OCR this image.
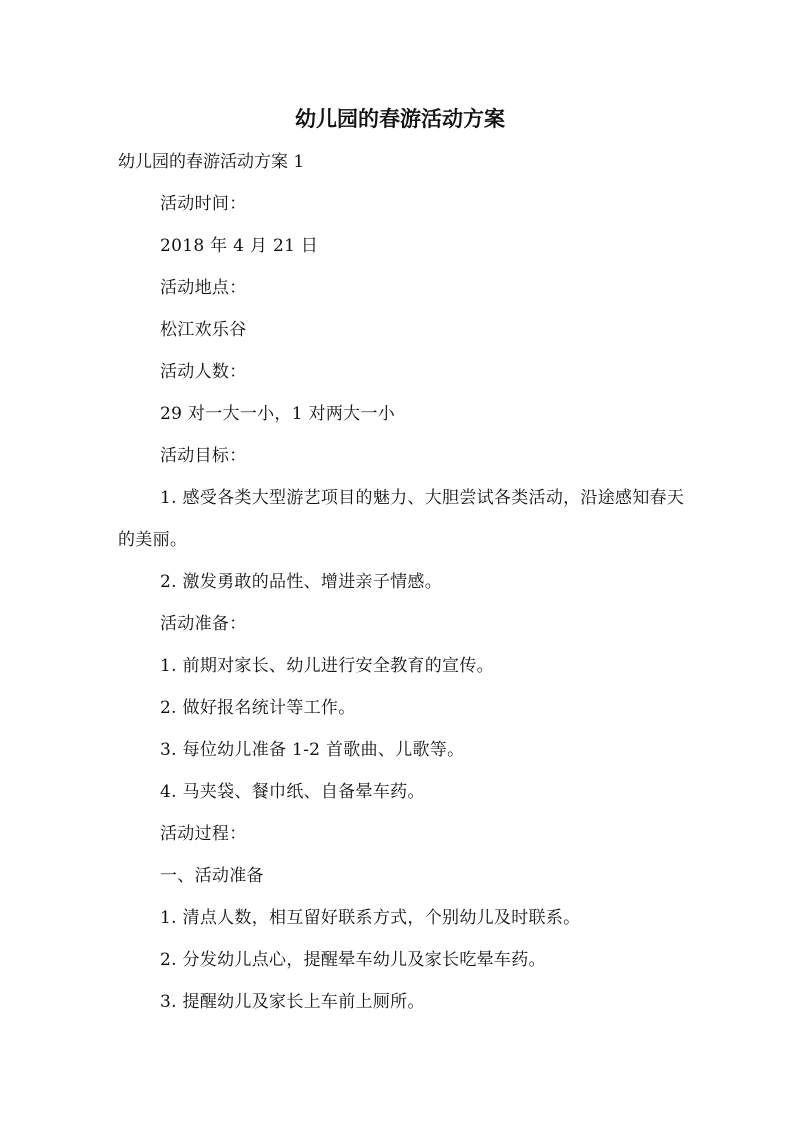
幼儿园的春游活动方案

幼儿园的春游活动方案 1

活动时间：

2018 年 4 月 21 日

活动地点：

松江欢乐谷

活动人数：

29 对一大一小，1 对两大一小

活动目标：

1. 感受各类大型游艺项目的魅力、大胆尝试各类活动，沿途感知春天的美丽。

2. 激发勇敢的品性、增进亲子情感。

活动准备：

1. 前期对家长、幼儿进行安全教育的宣传。

2. 做好报名统计等工作。

3. 每位幼儿准备 1-2 首歌曲、儿歌等。

4. 马夹袋、餐巾纸、自备晕车药。

活动过程：

一、活动准备

1. 清点人数，相互留好联系方式，个别幼儿及时联系。

2. 分发幼儿点心，提醒晕车幼儿及家长吃晕车药。

3. 提醒幼儿及家长上车前上厕所。
